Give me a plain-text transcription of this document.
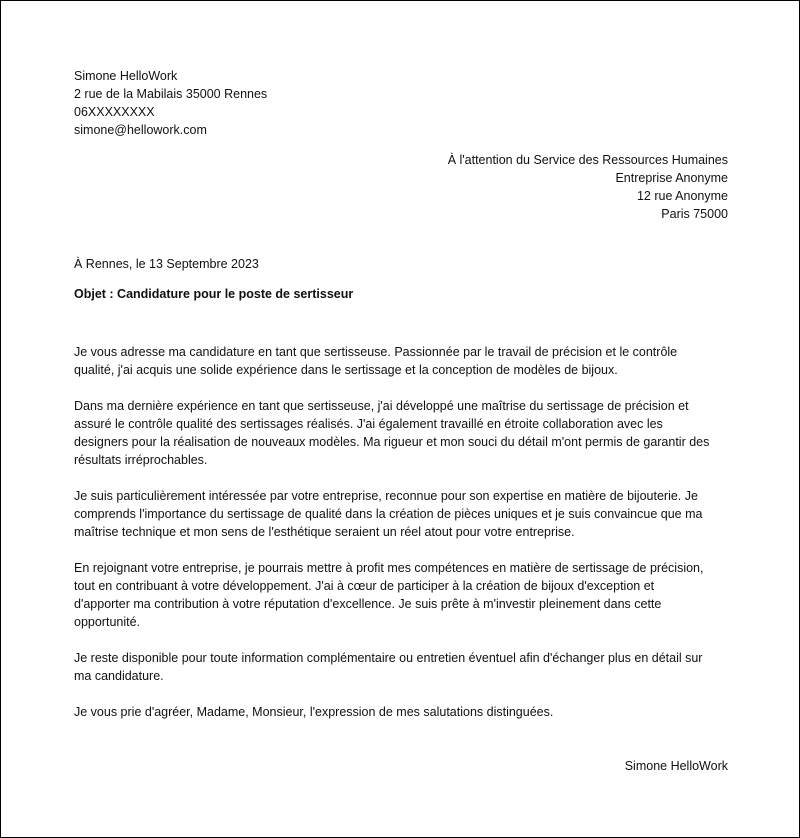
Simone HelloWork
2 rue de la Mabilais 35000 Rennes
06XXXXXXXX
simone@hellowork.com
À l'attention du Service des Ressources Humaines
Entreprise Anonyme
12 rue Anonyme
Paris 75000
À Rennes, le 13 Septembre 2023
Objet : Candidature pour le poste de sertisseur
Je vous adresse ma candidature en tant que sertisseuse. Passionnée par le travail de précision et le contrôle
qualité, j'ai acquis une solide expérience dans le sertissage et la conception de modèles de bijoux.
Dans ma dernière expérience en tant que sertisseuse, j'ai développé une maîtrise du sertissage de précision et
assuré le contrôle qualité des sertissages réalisés. J'ai également travaillé en étroite collaboration avec les
designers pour la réalisation de nouveaux modèles. Ma rigueur et mon souci du détail m'ont permis de garantir des
résultats irréprochables.
Je suis particulièrement intéressée par votre entreprise, reconnue pour son expertise en matière de bijouterie. Je
comprends l'importance du sertissage de qualité dans la création de pièces uniques et je suis convaincue que ma
maîtrise technique et mon sens de l'esthétique seraient un réel atout pour votre entreprise.
En rejoignant votre entreprise, je pourrais mettre à profit mes compétences en matière de sertissage de précision,
tout en contribuant à votre développement. J'ai à cœur de participer à la création de bijoux d'exception et
d'apporter ma contribution à votre réputation d'excellence. Je suis prête à m'investir pleinement dans cette
opportunité.
Je reste disponible pour toute information complémentaire ou entretien éventuel afin d'échanger plus en détail sur
ma candidature.
Je vous prie d'agréer, Madame, Monsieur, l'expression de mes salutations distinguées.
Simone HelloWork
